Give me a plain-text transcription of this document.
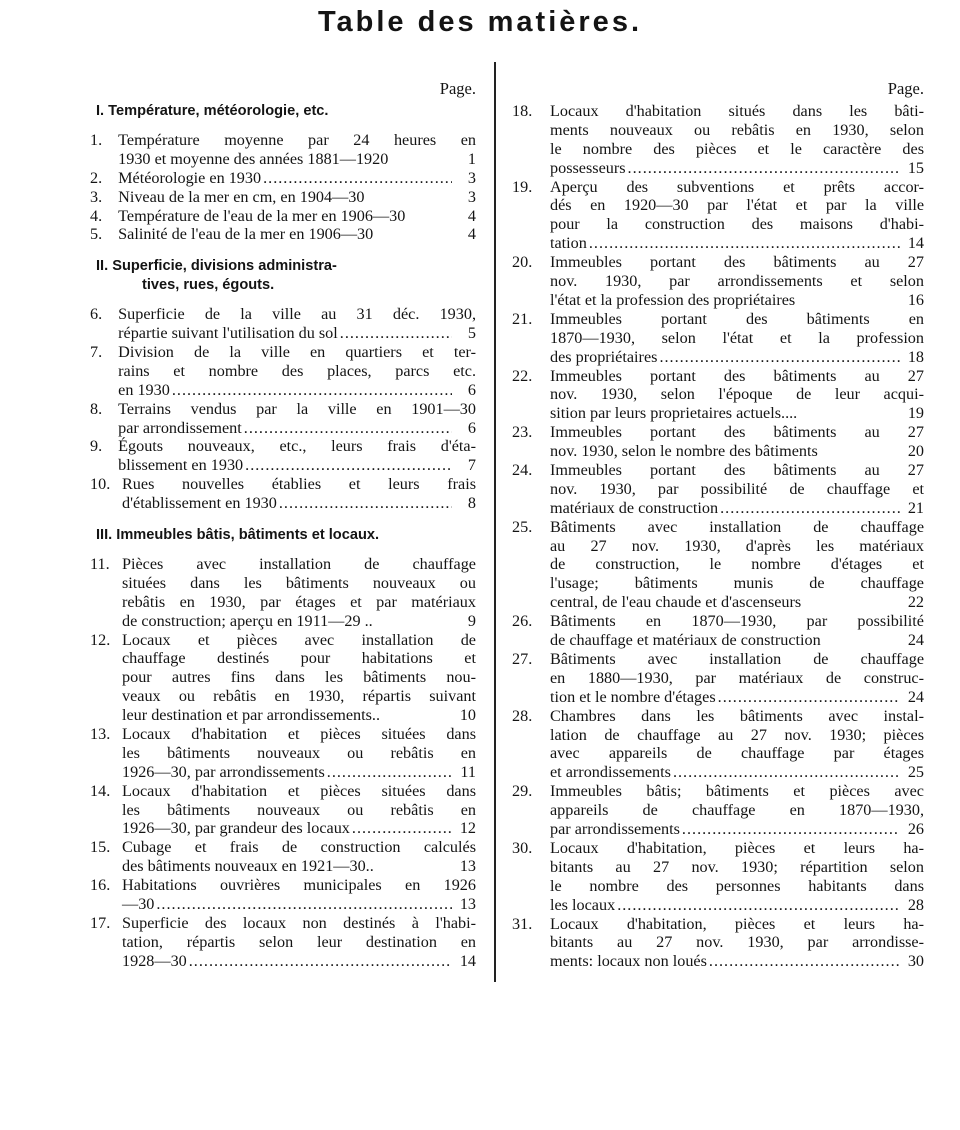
Table des matières.
Page.
I. Température, météorologie, etc.
1. Température moyenne par 24 heures en
1930 et moyenne des années 1881—1920	1
2. Météorologie en 1930 .....	3
3. Niveau de la mer en cm, en 1904—30	3
4. Température de l'eau de la mer en 1906—30	4
5. Salinité de l'eau de la mer en 1906—30	4
II. Superficie, divisions administra-
tives, rues, égouts.
6. Superficie de la ville au 31 déc. 1930,
répartie suivant l'utilisation du sol .....	5
7. Division de la ville en quartiers et ter-
rains et nombre des places, parcs etc.
en 1930 .....	6
8. Terrains vendus par la ville en 1901—30
par arrondissement .....	6
9. Égouts nouveaux, etc., leurs frais d'éta-
blissement en 1930 .....	7
10. Rues nouvelles établies et leurs frais
d'établissement en 1930 .....	8
III. Immeubles bâtis, bâtiments et locaux.
11. Pièces avec installation de chauffage
situées dans les bâtiments nouveaux ou
rebâtis en 1930, par étages et par matériaux
de construction; aperçu en 1911—29 ..	9
12. Locaux et pièces avec installation de
chauffage destinés pour habitations et
pour autres fins dans les bâtiments nou-
veaux ou rebâtis en 1930, répartis suivant
leur destination et par arrondissements..	10
13. Locaux d'habitation et pièces situées dans
les bâtiments nouveaux ou rebâtis en
1926—30, par arrondissements .....	11
14. Locaux d'habitation et pièces situées dans
les bâtiments nouveaux ou rebâtis en
1926—30, par grandeur des locaux .....	12
15. Cubage et frais de construction calculés
des bâtiments nouveaux en 1921—30..	13
16. Habitations ouvrières municipales en 1926
—30 .....	13
17. Superficie des locaux non destinés à l'habi-
tation, répartis selon leur destination en
1928—30 .....	14
Page.
18.	Locaux d'habitation situés dans les bâti-
ments nouveaux ou rebâtis en 1930, selon
le nombre des pièces et le caractère des
possesseurs .....	15
19.	Aperçu des subventions et prêts accor-
dés en 1920—30 par l'état et par la ville
pour la construction des maisons d'habi-
tation .....	14
20.	Immeubles portant des bâtiments au 27
nov. 1930, par arrondissements et selon
l'état et la profession des propriétaires	16
21.	Immeubles portant des bâtiments en
1870—1930, selon l'état et la profession
des propriétaires .....	18
22.	Immeubles portant des bâtiments au 27
nov. 1930, selon l'époque de leur acqui-
sition par leurs proprietaires actuels....	19
23.	Immeubles portant des bâtiments au 27
nov. 1930, selon le nombre des bâtiments	20
24.	Immeubles portant des bâtiments au 27
nov. 1930, par possibilité de chauffage et
matériaux de construction .....	21
25.	Bâtiments avec installation de chauffage
au 27 nov. 1930, d'après les matériaux
de construction, le nombre d'étages et
l'usage; bâtiments munis de chauffage
central, de l'eau chaude et d'ascenseurs	22
26.	Bâtiments en 1870—1930, par possibilité
de chauffage et matériaux de construction	24
27.	Bâtiments avec installation de chauffage
en 1880—1930, par matériaux de construc-
tion et le nombre d'étages .....	24
28.	Chambres dans les bâtiments avec instal-
lation de chauffage au 27 nov. 1930; pièces
avec appareils de chauffage par étages
et arrondissements .....	25
29.	Immeubles bâtis; bâtiments et pièces avec
appareils de chauffage en 1870—1930,
par arrondissements .....	26
30.	Locaux d'habitation, pièces et leurs ha-
bitants au 27 nov. 1930; répartition selon
le nombre des personnes habitants dans
les locaux .....	28
31.	Locaux d'habitation, pièces et leurs ha-
bitants au 27 nov. 1930, par arrondisse-
ments: locaux non loués .....	30
